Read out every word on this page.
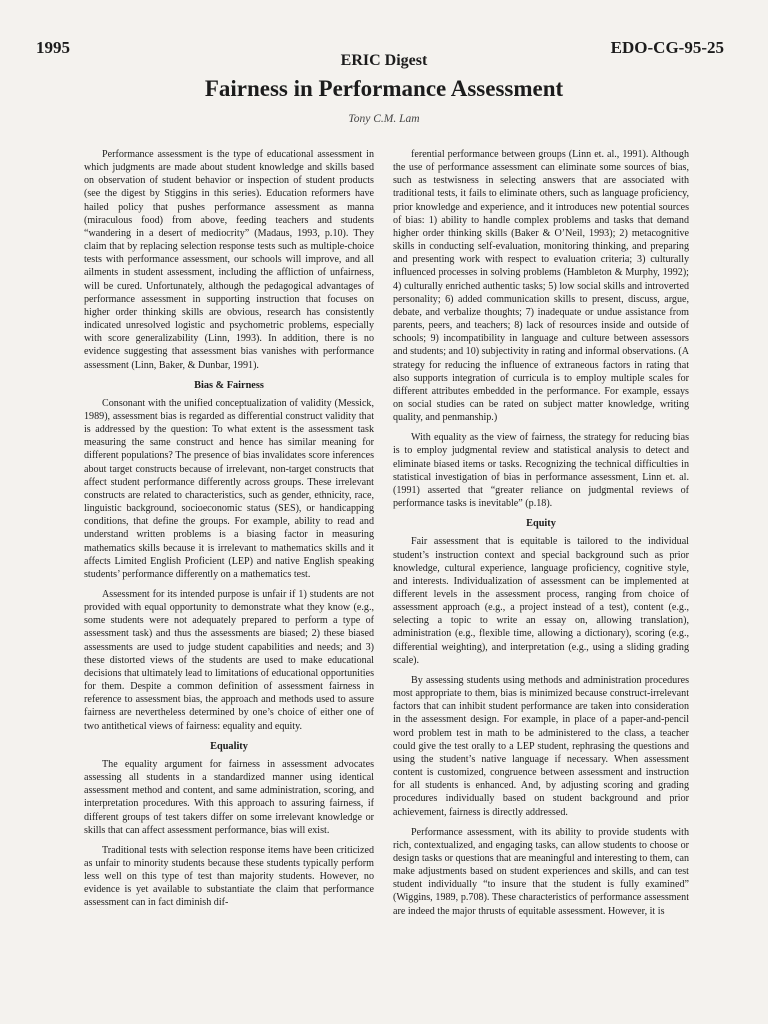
1995
ERIC Digest
EDO-CG-95-25
Fairness in Performance Assessment
Tony C.M. Lam

Performance assessment is the type of educational assessment in which judgments are made about student knowledge and skills based on observation of student behavior or inspection of student products (see the digest by Stiggins in this series). Education reformers have hailed policy that pushes performance assessment as manna (miraculous food) from above, feeding teachers and students “wandering in a desert of mediocrity” (Madaus, 1993, p.10). They claim that by replacing selection response tests such as multiple-choice tests with performance assessment, our schools will improve, and all ailments in student assessment, including the affliction of unfairness, will be cured. Unfortunately, although the pedagogical advantages of performance assessment in supporting instruction that focuses on higher order thinking skills are obvious, research has consistently indicated unresolved logistic and psychometric problems, especially with score generalizability (Linn, 1993). In addition, there is no evidence suggesting that assessment bias vanishes with performance assessment (Linn, Baker, & Dunbar, 1991).

Bias & Fairness

Consonant with the unified conceptualization of validity (Messick, 1989), assessment bias is regarded as differential construct validity that is addressed by the question: To what extent is the assessment task measuring the same construct and hence has similar meaning for different populations? The presence of bias invalidates score inferences about target constructs because of irrelevant, non-target constructs that affect student performance differently across groups. These irrelevant constructs are related to characteristics, such as gender, ethnicity, race, linguistic background, socioeconomic status (SES), or handicapping conditions, that define the groups. For example, ability to read and understand written problems is a biasing factor in measuring mathematics skills because it is irrelevant to mathematics skills and it affects Limited English Proficient (LEP) and native English speaking students’ performance differently on a mathematics test.

Assessment for its intended purpose is unfair if 1) students are not provided with equal opportunity to demonstrate what they know (e.g., some students were not adequately prepared to perform a type of assessment task) and thus the assessments are biased; 2) these biased assessments are used to judge student capabilities and needs; and 3) these distorted views of the students are used to make educational decisions that ultimately lead to limitations of educational opportunities for them. Despite a common definition of assessment fairness in reference to assessment bias, the approach and methods used to assure fairness are nevertheless determined by one’s choice of either one of two antithetical views of fairness: equality and equity.

Equality

The equality argument for fairness in assessment advocates assessing all students in a standardized manner using identical assessment method and content, and same administration, scoring, and interpretation procedures. With this approach to assuring fairness, if different groups of test takers differ on some irrelevant knowledge or skills that can affect assessment performance, bias will exist.

Traditional tests with selection response items have been criticized as unfair to minority students because these students typically perform less well on this type of test than majority students. However, no evidence is yet available to substantiate the claim that performance assessment can in fact diminish dif-

ferential performance between groups (Linn et. al., 1991). Although the use of performance assessment can eliminate some sources of bias, such as testwisness in selecting answers that are associated with traditional tests, it fails to eliminate others, such as language proficiency, prior knowledge and experience, and it introduces new potential sources of bias: 1) ability to handle complex problems and tasks that demand higher order thinking skills (Baker & O’Neil, 1993); 2) metacognitive skills in conducting self-evaluation, monitoring thinking, and preparing and presenting work with respect to evaluation criteria; 3) culturally influenced processes in solving problems (Hambleton & Murphy, 1992); 4) culturally enriched authentic tasks; 5) low social skills and introverted personality; 6) added communication skills to present, discuss, argue, debate, and verbalize thoughts; 7) inadequate or undue assistance from parents, peers, and teachers; 8) lack of resources inside and outside of schools; 9) incompatibility in language and culture between assessors and students; and 10) subjectivity in rating and informal observations. (A strategy for reducing the influence of extraneous factors in rating that also supports integration of curricula is to employ multiple scales for different attributes embedded in the performance. For example, essays on social studies can be rated on subject matter knowledge, writing quality, and penmanship.)

With equality as the view of fairness, the strategy for reducing bias is to employ judgmental review and statistical analysis to detect and eliminate biased items or tasks. Recognizing the technical difficulties in statistical investigation of bias in performance assessment, Linn et. al. (1991) asserted that “greater reliance on judgmental reviews of performance tasks is inevitable” (p.18).

Equity

Fair assessment that is equitable is tailored to the individual student’s instruction context and special background such as prior knowledge, cultural experience, language proficiency, cognitive style, and interests. Individualization of assessment can be implemented at different levels in the assessment process, ranging from choice of assessment approach (e.g., a project instead of a test), content (e.g., selecting a topic to write an essay on, allowing translation), administration (e.g., flexible time, allowing a dictionary), scoring (e.g., differential weighting), and interpretation (e.g., using a sliding grading scale).

By assessing students using methods and administration procedures most appropriate to them, bias is minimized because construct-irrelevant factors that can inhibit student performance are taken into consideration in the assessment design. For example, in place of a paper-and-pencil word problem test in math to be administered to the class, a teacher could give the test orally to a LEP student, rephrasing the questions and using the student’s native language if necessary. When assessment content is customized, congruence between assessment and instruction for all students is enhanced. And, by adjusting scoring and grading procedures individually based on student background and prior achievement, fairness is directly addressed.

Performance assessment, with its ability to provide students with rich, contextualized, and engaging tasks, can allow students to choose or design tasks or questions that are meaningful and interesting to them, can make adjustments based on student experiences and skills, and can test student individually “to insure that the student is fully examined” (Wiggins, 1989, p.708). These characteristics of performance assessment are indeed the major thrusts of equitable assessment. However, it is
